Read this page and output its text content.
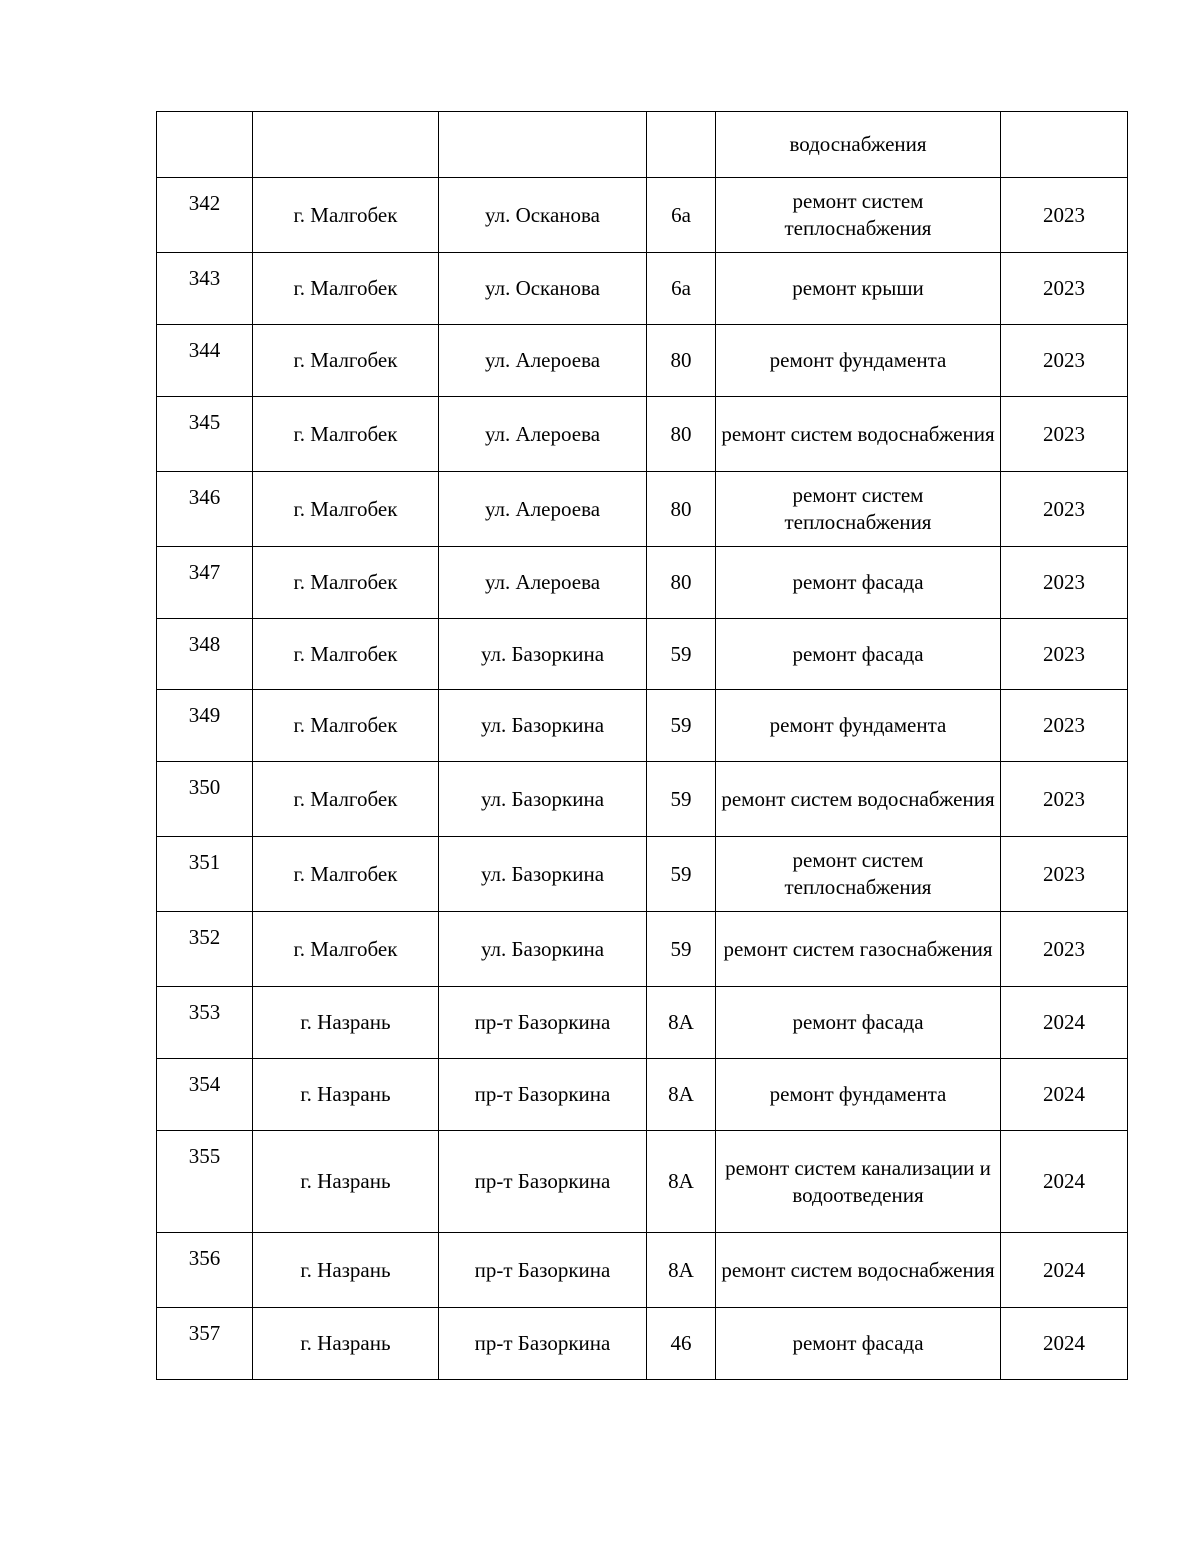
				водоснабжения	
342	г. Малгобек	ул. Осканова	6а	ремонт систем теплоснабжения	2023
343	г. Малгобек	ул. Осканова	6а	ремонт крыши	2023
344	г. Малгобек	ул. Алероева	80	ремонт фундамента	2023
345	г. Малгобек	ул. Алероева	80	ремонт систем водоснабжения	2023
346	г. Малгобек	ул. Алероева	80	ремонт систем теплоснабжения	2023
347	г. Малгобек	ул. Алероева	80	ремонт фасада	2023
348	г. Малгобек	ул. Базоркина	59	ремонт фасада	2023
349	г. Малгобек	ул. Базоркина	59	ремонт фундамента	2023
350	г. Малгобек	ул. Базоркина	59	ремонт систем водоснабжения	2023
351	г. Малгобек	ул. Базоркина	59	ремонт систем теплоснабжения	2023
352	г. Малгобек	ул. Базоркина	59	ремонт систем газоснабжения	2023
353	г. Назрань	пр-т Базоркина	8А	ремонт фасада	2024
354	г. Назрань	пр-т Базоркина	8А	ремонт фундамента	2024
355	г. Назрань	пр-т Базоркина	8А	ремонт систем канализации и водоотведения	2024
356	г. Назрань	пр-т Базоркина	8А	ремонт систем водоснабжения	2024
357	г. Назрань	пр-т Базоркина	46	ремонт фасада	2024
